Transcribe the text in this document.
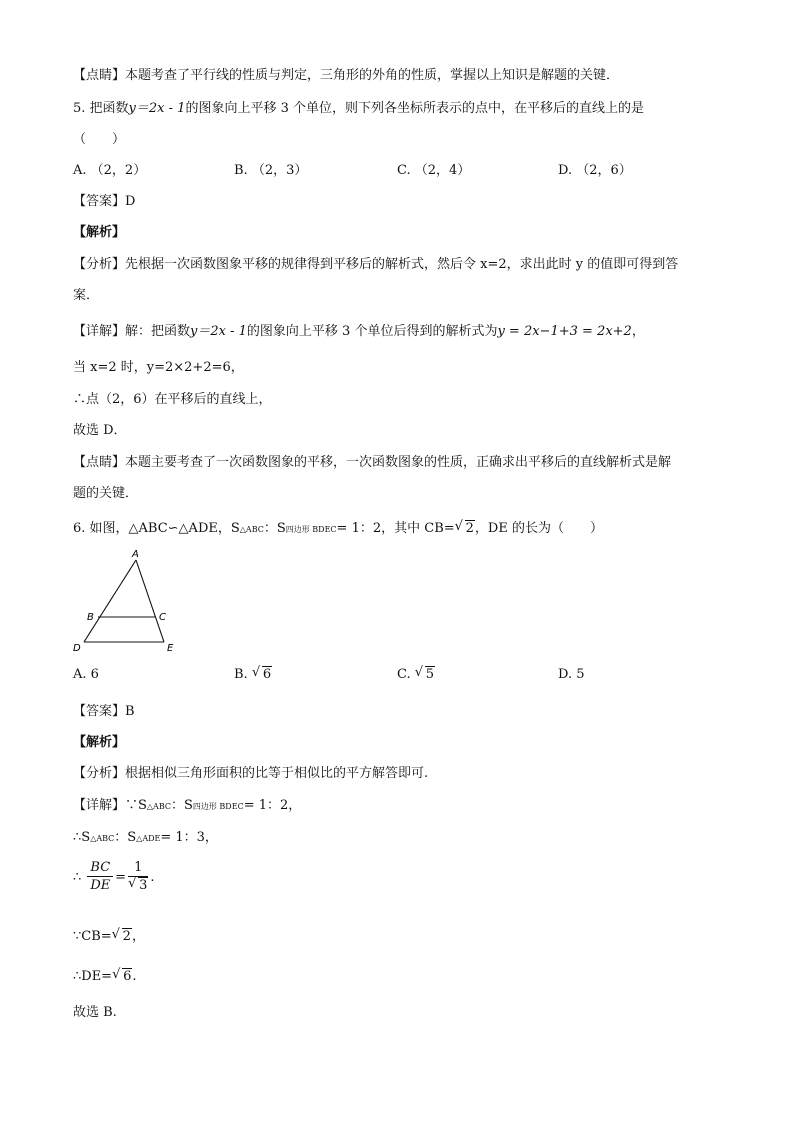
【点睛】本题考查了平行线的性质与判定，三角形的外角的性质，掌握以上知识是解题的关键．
5. 把函数y＝2x - 1的图象向上平移 3 个单位，则下列各坐标所表示的点中，在平移后的直线上的是
（　　）
A. （2，2）	B. （2，3）	C. （2，4）	D. （2，6）
【答案】D
【解析】
【分析】先根据一次函数图象平移的规律得到平移后的解析式，然后令 x=2，求出此时 y 的值即可得到答
案．
【详解】解：把函数y＝2x - 1的图象向上平移 3 个单位后得到的解析式为y = 2x−1+3 = 2x+2，
当 x=2 时，y=2×2+2=6，
∴点（2，6）在平移后的直线上，
故选 D．
【点睛】本题主要考查了一次函数图象的平移，一次函数图象的性质，正确求出平移后的直线解析式是解
题的关键．
6. 如图，△ABC∽△ADE，S△ABC：S四边形 BDEC= 1：2，其中 CB= √ 2，DE 的长为（　　）
A
B	C
D	E
A. 6	B. √ 6	C. √ 5	D. 5
【答案】B
【解析】
【分析】根据相似三角形面积的比等于相似比的平方解答即可.
【详解】∵S△ABC：S四边形 BDEC= 1：2，
∴S△ABC：S△ADE= 1：3，
∴ $\frac{BC}{DE} = \frac{1}{√ 3}$ .
∵CB= √ 2，
∴DE= √ 6.
故选 B.
